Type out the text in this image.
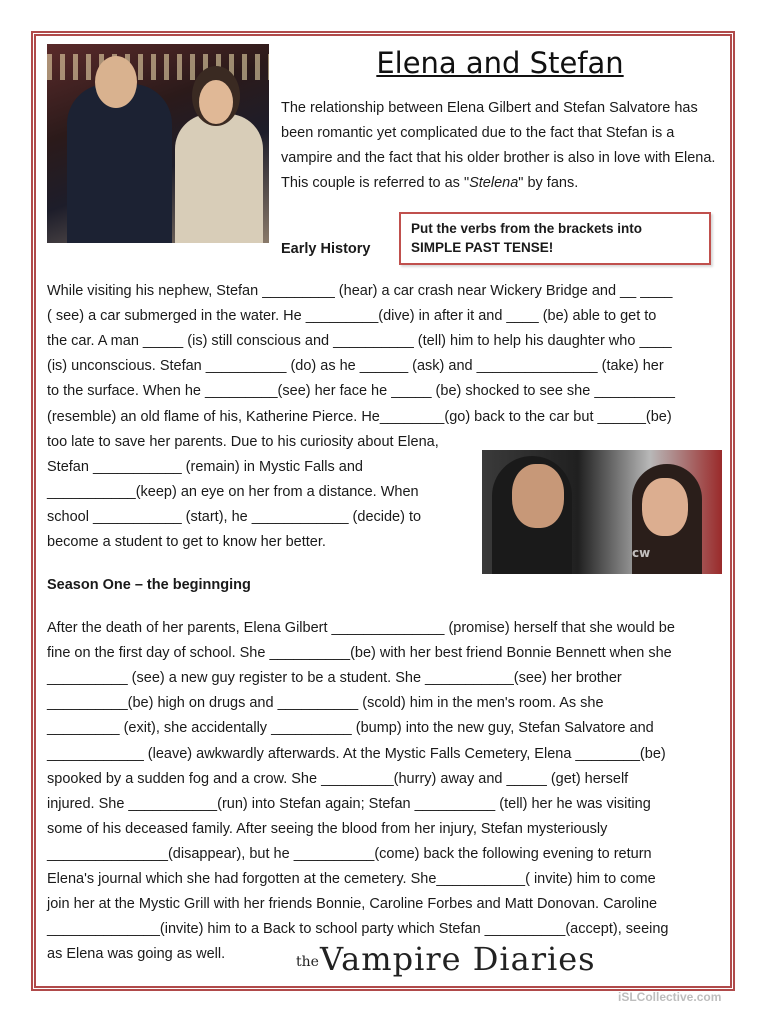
Elena and Stefan
The relationship between Elena Gilbert and Stefan Salvatore has been romantic yet complicated due to the fact that Stefan is a vampire and the fact that his older brother is also in love with Elena. This couple is referred to as "Stelena" by fans.
Put the verbs from the brackets into
SIMPLE PAST TENSE!
Early History
While visiting his nephew, Stefan _________ (hear) a car crash near Wickery Bridge and __ ____
( see) a car submerged in the water. He _________(dive) in after it and ____ (be) able to get to
the car. A man _____ (is) still conscious and __________ (tell) him to help his daughter who ____
(is) unconscious. Stefan __________ (do) as he ______ (ask) and _______________ (take) her
to the surface. When he _________(see) her face he _____ (be) shocked to see she __________
(resemble) an old flame of his, Katherine Pierce. He________(go) back to the car but ______(be)
too late to save her parents. Due to his curiosity about Elena,
Stefan ___________ (remain) in Mystic Falls and
___________(keep) an eye on her from a distance. When
school ___________ (start), he ____________ (decide) to
become a student to get to know her better.
cw
Season One – the beginnging
After the death of her parents, Elena Gilbert ______________ (promise) herself that she would be
fine on the first day of school. She __________(be) with her best friend Bonnie Bennett when she
__________ (see) a new guy register to be a student. She ___________(see) her brother
__________(be) high on drugs and __________ (scold) him in the men's room. As she
_________ (exit), she accidentally __________ (bump) into the new guy, Stefan Salvatore and
____________ (leave) awkwardly afterwards. At the Mystic Falls Cemetery, Elena ________(be)
spooked by a sudden fog and a crow. She _________(hurry) away and _____ (get) herself
injured. She ___________(run) into Stefan again; Stefan __________ (tell) her he was visiting
some of his deceased family. After seeing the blood from her injury, Stefan mysteriously
_______________(disappear), but he __________(come) back the following evening to return
Elena's journal which she had forgotten at the cemetery. She___________( invite) him to come
join her at the Mystic Grill with her friends Bonnie, Caroline Forbes and Matt Donovan. Caroline
______________(invite) him to a Back to school party which Stefan __________(accept), seeing
as Elena was going as well.	the Vampire Diaries
iSLCollective.com
